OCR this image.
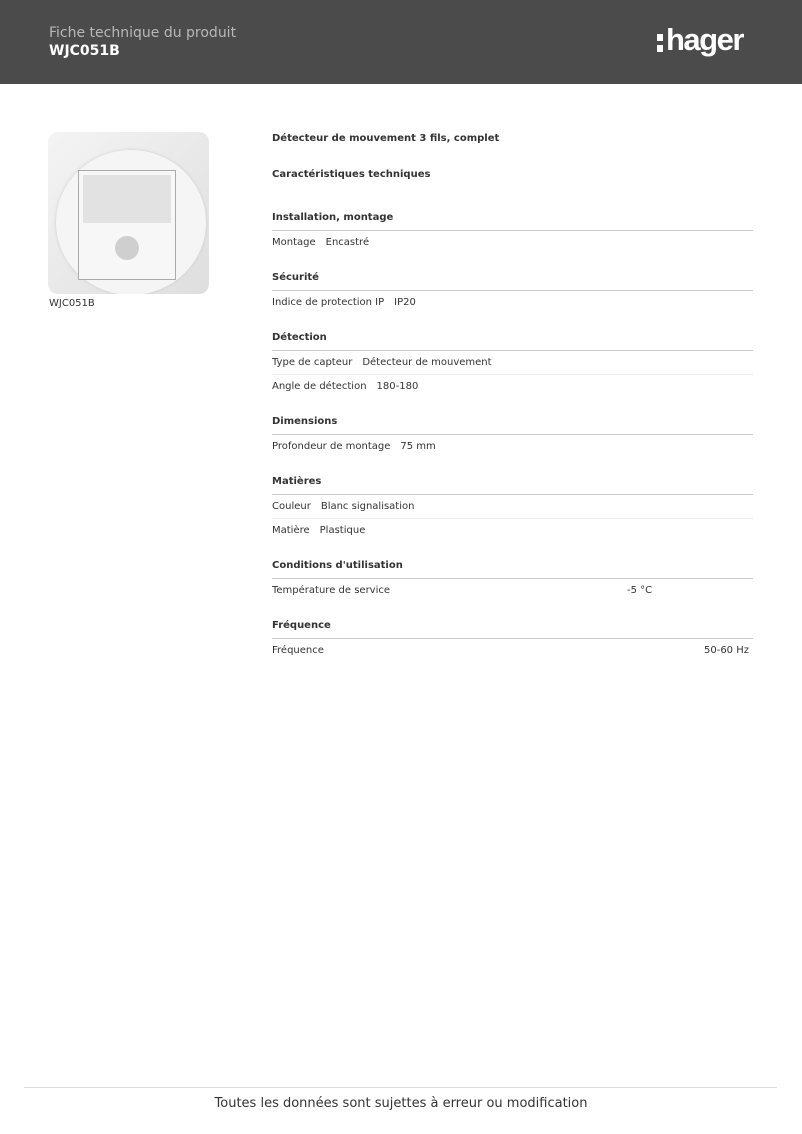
Fiche technique du produit
WJC051B	hager
WJC051B
Détecteur de mouvement 3 fils, complet
Caractéristiques techniques
Installation, montage
Montage Encastré
Sécurité
Indice de protection IP IP20
Détection
Type de capteur Détecteur de mouvement
Angle de détection 180-180
Dimensions
Profondeur de montage 75 mm
Matières
Couleur Blanc signalisation
Matière Plastique
Conditions d'utilisation
Température de service	-5 °C
Fréquence
Fréquence	50-60 Hz
Toutes les données sont sujettes à erreur ou modification
